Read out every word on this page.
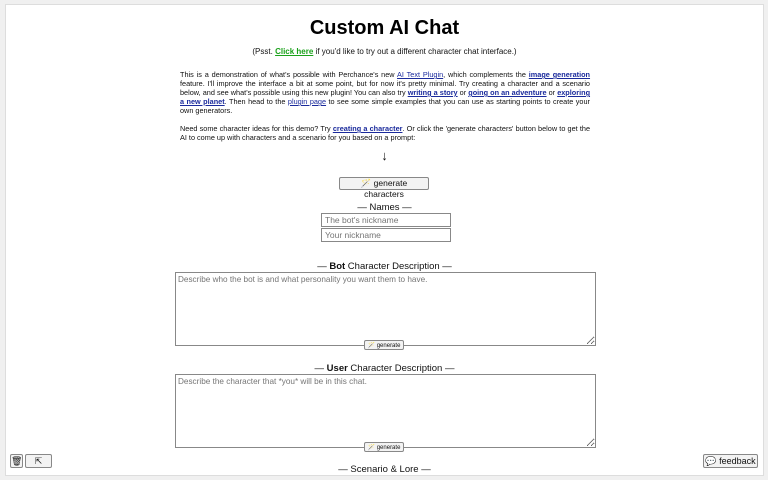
Custom AI Chat
(Psst. Click here if you'd like to try out a different character chat interface.)

This is a demonstration of what's possible with Perchance's new AI Text Plugin, which complements the image generation feature. I'll improve the interface a bit at some point, but for now it's pretty minimal. Try creating a character and a scenario below, and see what's possible using this new plugin! You can also try writing a story or going on an adventure or exploring a new planet. Then head to the plugin page to see some simple examples that you can use as starting points to create your own generators.

Need some character ideas for this demo? Try creating a character. Or click the 'generate characters' button below to get the AI to come up with characters and a scenario for you based on a prompt:

↓
🪄 generate characters
— Names —
The bot's nickname
Your nickname
— Bot Character Description —
Describe who the bot is and what personality you want them to have.
🪄 generate
— User Character Description —
Describe the character that *you* will be in this chat.
🪄 generate
— Scenario & Lore —
🗑	⇱	💬 feedback
